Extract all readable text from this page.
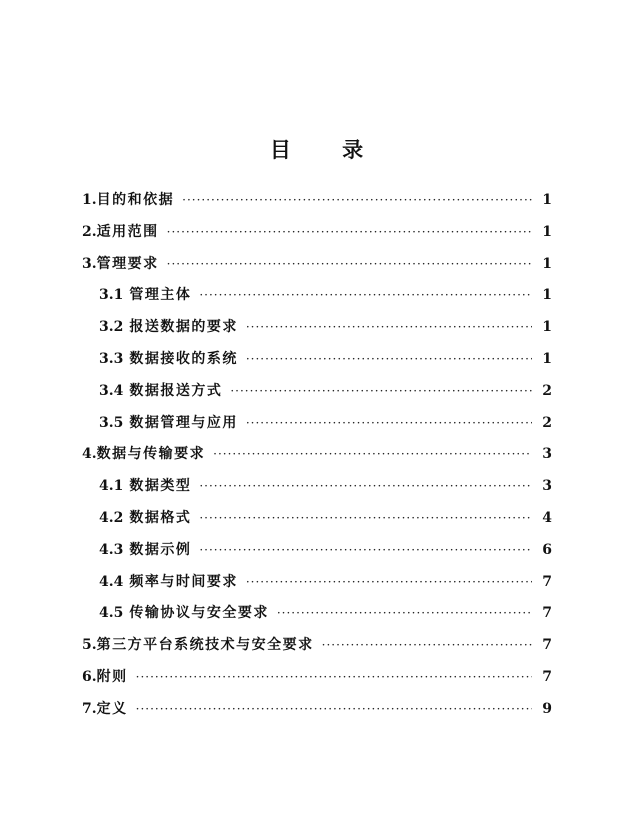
目 录
1.目的和依据 ·····	1
2.适用范围 ·····	1
3.管理要求 ·····	1
3.1 管理主体 ·····	1
3.2 报送数据的要求 ·····	1
3.3 数据接收的系统 ·····	1
3.4 数据报送方式 ·····	2
3.5 数据管理与应用 ·····	2
4.数据与传输要求 ·····	3
4.1 数据类型 ·····	3
4.2 数据格式 ·····	4
4.3 数据示例 ·····	6
4.4 频率与时间要求 ·····	7
4.5 传输协议与安全要求 ·····	7
5.第三方平台系统技术与安全要求 ·····	7
6.附则 ·····	7
7.定义 ·····	9
